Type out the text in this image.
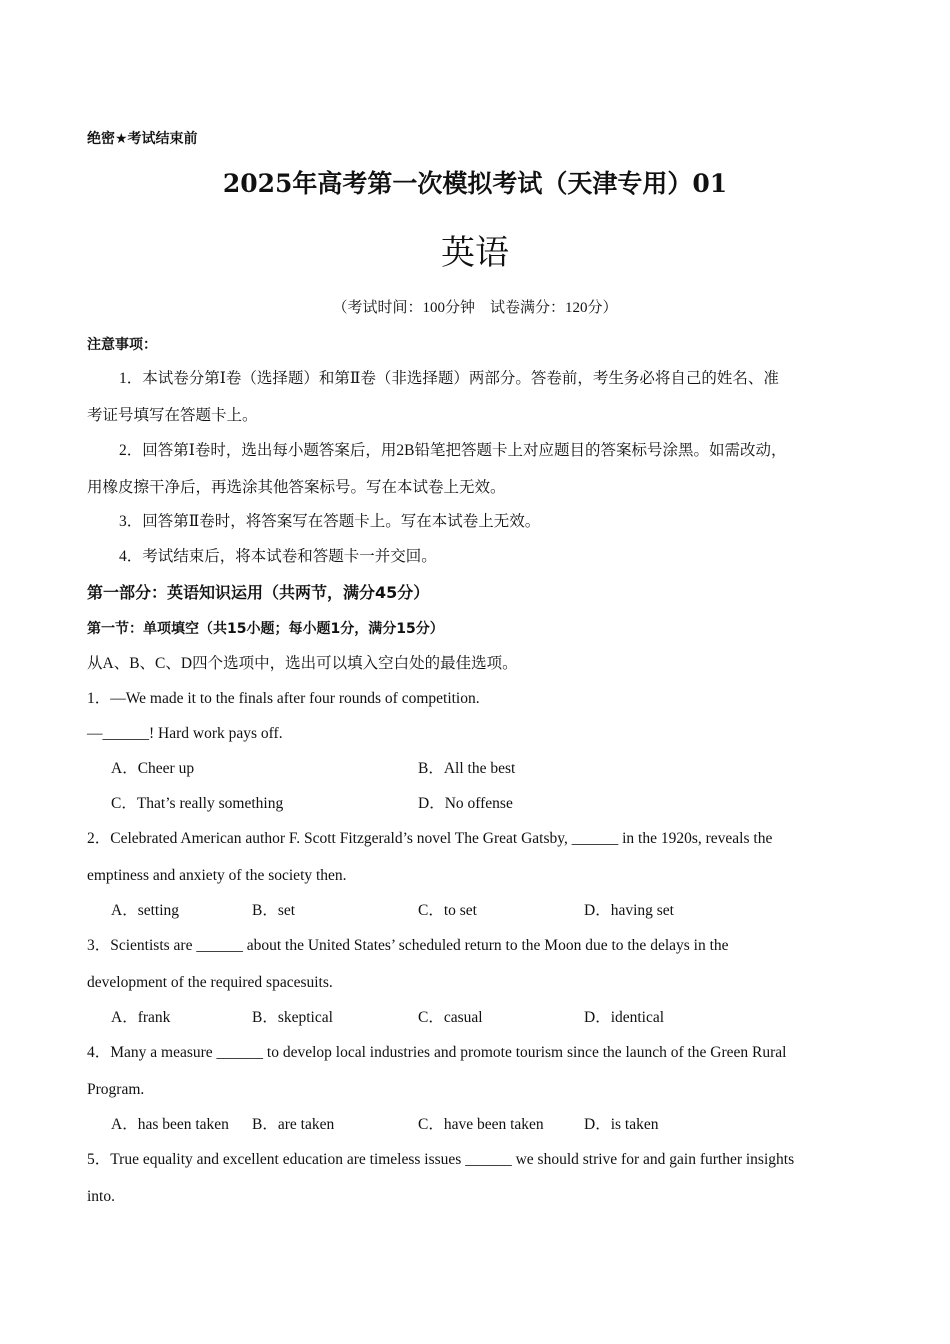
绝密★考试结束前
2025年高考第一次模拟考试（天津专用）01
英语
（考试时间：100分钟　试卷满分：120分）
注意事项：
1．本试卷分第Ⅰ卷（选择题）和第Ⅱ卷（非选择题）两部分。答卷前，考生务必将自己的姓名、准
考证号填写在答题卡上。
2．回答第Ⅰ卷时，选出每小题答案后，用2B铅笔把答题卡上对应题目的答案标号涂黑。如需改动，
用橡皮擦干净后，再选涂其他答案标号。写在本试卷上无效。
3．回答第Ⅱ卷时，将答案写在答题卡上。写在本试卷上无效。
4．考试结束后，将本试卷和答题卡一并交回。
第一部分：英语知识运用（共两节，满分45分）
第一节：单项填空（共15小题；每小题1分，满分15分）
从A、B、C、D四个选项中，选出可以填入空白处的最佳选项。
1．—We made it to the finals after four rounds of competition.
—______! Hard work pays off.
A．Cheer up	B．All the best
C．That’s really something	D．No offense
2．Celebrated American author F. Scott Fitzgerald’s novel The Great Gatsby, ______ in the 1920s, reveals the
emptiness and anxiety of the society then.
A．setting	B．set	C．to set	D．having set
3．Scientists are ______ about the United States’ scheduled return to the Moon due to the delays in the
development of the required spacesuits.
A．frank	B．skeptical	C．casual	D．identical
4．Many a measure ______ to develop local industries and promote tourism since the launch of the Green Rural
Program.
A．has been taken B．are taken	C．have been taken	D．is taken
5．True equality and excellent education are timeless issues ______ we should strive for and gain further insights
into.
